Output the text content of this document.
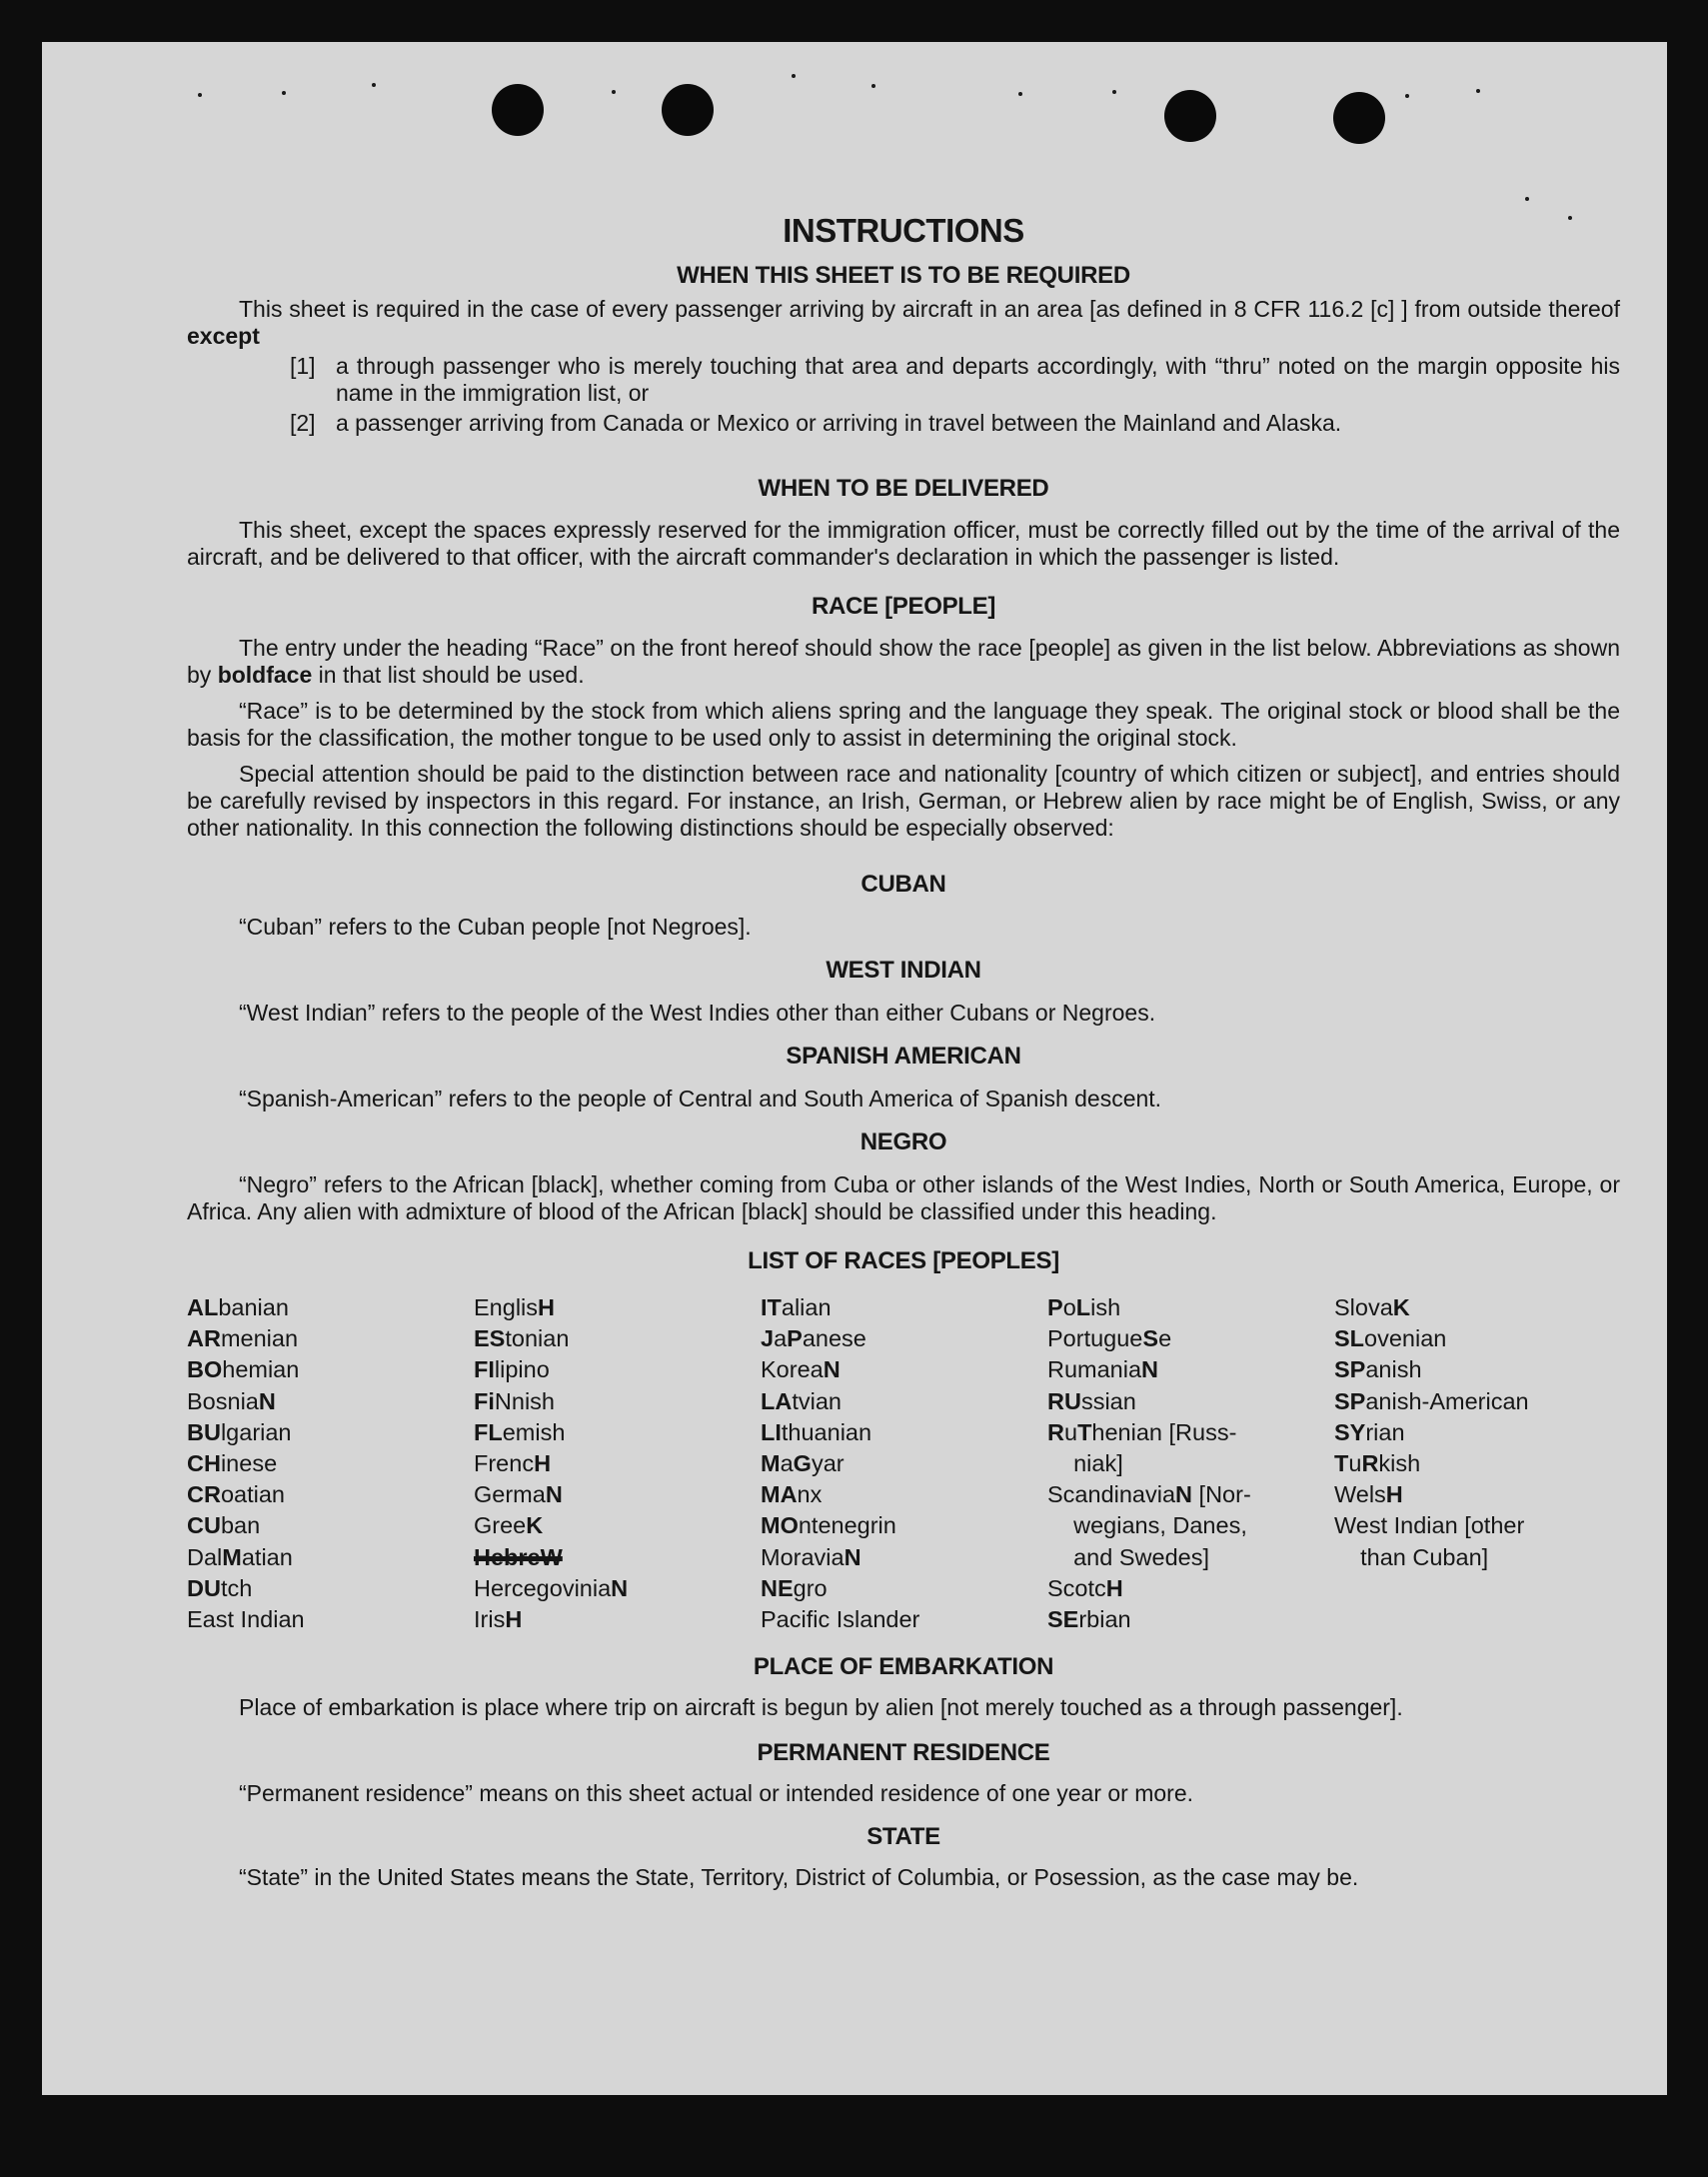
INSTRUCTIONS
WHEN THIS SHEET IS TO BE REQUIRED

This sheet is required in the case of every passenger arriving by aircraft in an area [as defined in 8 CFR 116.2 [c] ] from outside thereof except

[1] a through passenger who is merely touching that area and departs accordingly, with “thru” noted on the margin opposite his name in the immigration list, or
[2] a passenger arriving from Canada or Mexico or arriving in travel between the Mainland and Alaska.
WHEN TO BE DELIVERED

This sheet, except the spaces expressly reserved for the immigration officer, must be correctly filled out by the time of the arrival of the aircraft, and be delivered to that officer, with the aircraft commander's declaration in which the passenger is listed.

RACE [PEOPLE]

The entry under the heading “Race” on the front hereof should show the race [people] as given in the list below. Abbreviations as shown by boldface in that list should be used.

“Race” is to be determined by the stock from which aliens spring and the language they speak. The original stock or blood shall be the basis for the classification, the mother tongue to be used only to assist in determining the original stock.

Special attention should be paid to the distinction between race and nationality [country of which citizen or subject], and entries should be carefully revised by inspectors in this regard. For instance, an Irish, German, or Hebrew alien by race might be of English, Swiss, or any other nationality. In this connection the following distinctions should be especially observed:

CUBAN

“Cuban” refers to the Cuban people [not Negroes].

WEST INDIAN

“West Indian” refers to the people of the West Indies other than either Cubans or Negroes.

SPANISH AMERICAN

“Spanish-American” refers to the people of Central and South America of Spanish descent.

NEGRO

“Negro” refers to the African [black], whether coming from Cuba or other islands of the West Indies, North or South America, Europe, or Africa. Any alien with admixture of blood of the African [black] should be classified under this heading.

LIST OF RACES [PEOPLES]
ALbanian
ARmenian
BOhemian
BosniaN
BUlgarian
CHinese
CRoatian
CUban
DalMatian
DUtch
East Indian
EnglisH
EStonian
FIlipino
FiNnish
FLemish
FrencH
GermaN
GreeK
HebreW
HercegoviniaN
IrisH
ITalian
JaPanese
KoreaN
LAtvian
LIthuanian
MaGyar
MAnx
MOntenegrin
MoraviaN
NEgro
Pacific Islander
PoLish
PortugueSe
RumaniaN
RUssian
RuThenian [Russ-
niak]
ScandinaviaN [Nor-
wegians, Danes,
and Swedes]
ScotcH
SErbian
SlovaK
SLovenian
SPanish
SPanish-American
SYrian
TuRkish
WelsH
West Indian [other
than Cuban]
PLACE OF EMBARKATION

Place of embarkation is place where trip on aircraft is begun by alien [not merely touched as a through passenger].

PERMANENT RESIDENCE

“Permanent residence” means on this sheet actual or intended residence of one year or more.

STATE

“State” in the United States means the State, Territory, District of Columbia, or Posession, as the case may be.
